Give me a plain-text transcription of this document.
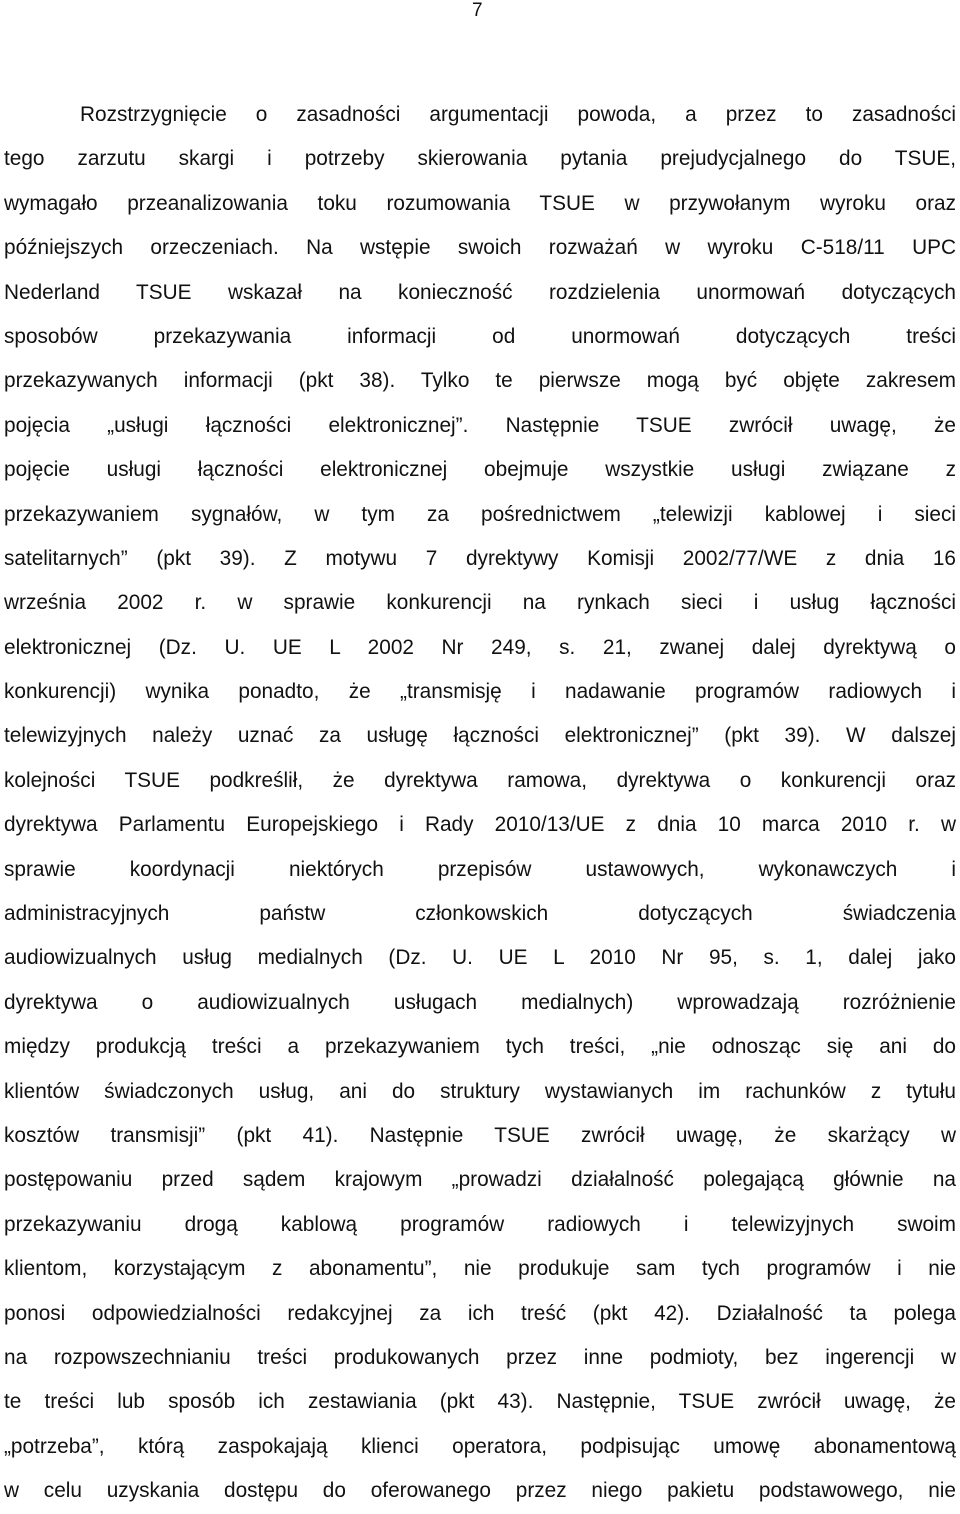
7
Rozstrzygnięcie o zasadności argumentacji powoda, a przez to zasadności
tego zarzutu skargi i potrzeby skierowania pytania prejudycjalnego do TSUE,
wymagało przeanalizowania toku rozumowania TSUE w przywołanym wyroku oraz
późniejszych orzeczeniach. Na wstępie swoich rozważań w wyroku C-518/11 UPC
Nederland TSUE wskazał na konieczność rozdzielenia unormowań dotyczących
sposobów przekazywania informacji od unormowań dotyczących treści
przekazywanych informacji (pkt 38). Tylko te pierwsze mogą być objęte zakresem
pojęcia „usługi łączności elektronicznej”. Następnie TSUE zwrócił uwagę, że
pojęcie usługi łączności elektronicznej obejmuje wszystkie usługi związane z
przekazywaniem sygnałów, w tym za pośrednictwem „telewizji kablowej i sieci
satelitarnych” (pkt 39). Z motywu 7 dyrektywy Komisji 2002/77/WE z dnia 16
września 2002 r. w sprawie konkurencji na rynkach sieci i usług łączności
elektronicznej (Dz. U. UE L 2002 Nr 249, s. 21, zwanej dalej dyrektywą o
konkurencji) wynika ponadto, że „transmisję i nadawanie programów radiowych i
telewizyjnych należy uznać za usługę łączności elektronicznej” (pkt 39). W dalszej
kolejności TSUE podkreślił, że dyrektywa ramowa, dyrektywa o konkurencji oraz
dyrektywa Parlamentu Europejskiego i Rady 2010/13/UE z dnia 10 marca 2010 r. w
sprawie koordynacji niektórych przepisów ustawowych, wykonawczych i
administracyjnych państw członkowskich dotyczących świadczenia
audiowizualnych usług medialnych (Dz. U. UE L 2010 Nr 95, s. 1, dalej jako
dyrektywa o audiowizualnych usługach medialnych) wprowadzają rozróżnienie
między produkcją treści a przekazywaniem tych treści, „nie odnosząc się ani do
klientów świadczonych usług, ani do struktury wystawianych im rachunków z tytułu
kosztów transmisji” (pkt 41). Następnie TSUE zwrócił uwagę, że skarżący w
postępowaniu przed sądem krajowym „prowadzi działalność polegającą głównie na
przekazywaniu drogą kablową programów radiowych i telewizyjnych swoim
klientom, korzystającym z abonamentu”, nie produkuje sam tych programów i nie
ponosi odpowiedzialności redakcyjnej za ich treść (pkt 42). Działalność ta polega
na rozpowszechnianiu treści produkowanych przez inne podmioty, bez ingerencji w
te treści lub sposób ich zestawiania (pkt 43). Następnie, TSUE zwrócił uwagę, że
„potrzeba”, którą zaspokajają klienci operatora, podpisując umowę abonamentową
w celu uzyskania dostępu do oferowanego przez niego pakietu podstawowego, nie
